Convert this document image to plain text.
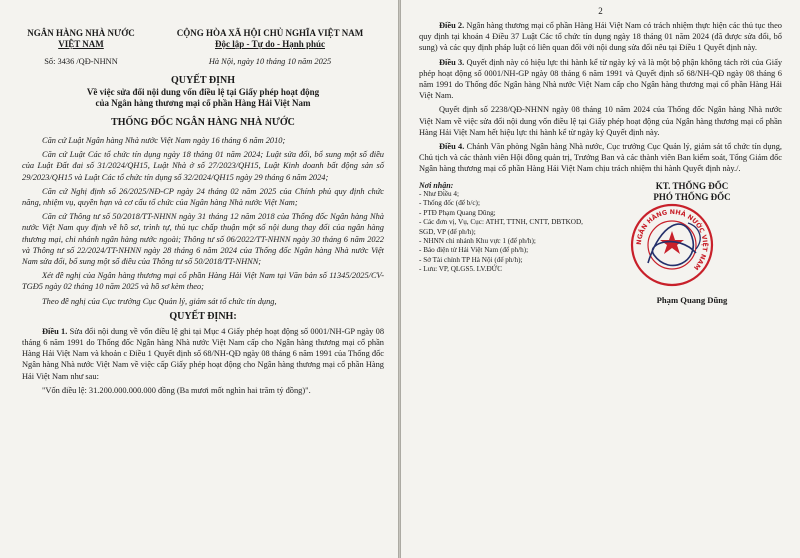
NGÂN HÀNG NHÀ NƯỚC
VIỆT NAM
Số: 3436 /QĐ-NHNN
CỘNG HÒA XÃ HỘI CHỦ NGHĨA VIỆT NAM
Độc lập - Tự do - Hạnh phúc
Hà Nội, ngày 10 tháng 10 năm 2025
QUYẾT ĐỊNH
Về việc sửa đổi nội dung vốn điều lệ tại Giấy phép hoạt động
của Ngân hàng thương mại cổ phần Hàng Hải Việt Nam
THỐNG ĐỐC NGÂN HÀNG NHÀ NƯỚC

Căn cứ Luật Ngân hàng Nhà nước Việt Nam ngày 16 tháng 6 năm 2010;

Căn cứ Luật Các tổ chức tín dụng ngày 18 tháng 01 năm 2024; Luật sửa đổi, bổ sung một số điều của Luật Đất đai số 31/2024/QH15, Luật Nhà ở số 27/2023/QH15, Luật Kinh doanh bất động sản số 29/2023/QH15 và Luật Các tổ chức tín dụng số 32/2024/QH15 ngày 29 tháng 6 năm 2024;

Căn cứ Nghị định số 26/2025/NĐ-CP ngày 24 tháng 02 năm 2025 của Chính phủ quy định chức năng, nhiệm vụ, quyền hạn và cơ cấu tổ chức của Ngân hàng Nhà nước Việt Nam;

Căn cứ Thông tư số 50/2018/TT-NHNN ngày 31 tháng 12 năm 2018 của Thống đốc Ngân hàng Nhà nước Việt Nam quy định về hồ sơ, trình tự, thủ tục chấp thuận một số nội dung thay đổi của ngân hàng thương mại, chi nhánh ngân hàng nước ngoài; Thông tư số 06/2022/TT-NHNN ngày 30 tháng 6 năm 2022 và Thông tư số 22/2024/TT-NHNN ngày 28 tháng 6 năm 2024 của Thống đốc Ngân hàng Nhà nước Việt Nam sửa đổi, bổ sung một số điều của Thông tư số 50/2018/TT-NHNN;

Xét đề nghị của Ngân hàng thương mại cổ phần Hàng Hải Việt Nam tại Văn bản số 11345/2025/CV-TGĐ5 ngày 02 tháng 10 năm 2025 và hồ sơ kèm theo;

Theo đề nghị của Cục trưởng Cục Quản lý, giám sát tổ chức tín dụng,

QUYẾT ĐỊNH:

Điều 1. Sửa đổi nội dung về vốn điều lệ ghi tại Mục 4 Giấy phép hoạt động số 0001/NH-GP ngày 08 tháng 6 năm 1991 do Thống đốc Ngân hàng Nhà nước Việt Nam cấp cho Ngân hàng thương mại cổ phần Hàng Hải Việt Nam và khoản c Điều 1 Quyết định số 68/NH-QĐ ngày 08 tháng 6 năm 1991 của Thống đốc Ngân hàng Nhà nước Việt Nam về việc cấp Giấy phép hoạt động cho Ngân hàng thương mại cổ phần Hàng Hải Việt Nam như sau:

"Vốn điều lệ: 31.200.000.000.000 đồng (Ba mươi mốt nghìn hai trăm tỷ đồng)".

2

Điều 2. Ngân hàng thương mại cổ phần Hàng Hải Việt Nam có trách nhiệm thực hiện các thủ tục theo quy định tại khoản 4 Điều 37 Luật Các tổ chức tín dụng ngày 18 tháng 01 năm 2024 (đã được sửa đổi, bổ sung) và các quy định pháp luật có liên quan đối với nội dung sửa đổi nêu tại Điều 1 Quyết định này.

Điều 3. Quyết định này có hiệu lực thi hành kể từ ngày ký và là một bộ phận không tách rời của Giấy phép hoạt động số 0001/NH-GP ngày 08 tháng 6 năm 1991 và Quyết định số 68/NH-QĐ ngày 08 tháng 6 năm 1991 do Thống đốc Ngân hàng Nhà nước Việt Nam cấp cho Ngân hàng thương mại cổ phần Hàng Hải Việt Nam.

Quyết định số 2238/QĐ-NHNN ngày 08 tháng 10 năm 2024 của Thống đốc Ngân hàng Nhà nước Việt Nam về việc sửa đổi nội dung vốn điều lệ tại Giấy phép hoạt động của Ngân hàng thương mại cổ phần Hàng Hải Việt Nam hết hiệu lực thi hành kể từ ngày ký Quyết định này.

Điều 4. Chánh Văn phòng Ngân hàng Nhà nước, Cục trưởng Cục Quản lý, giám sát tổ chức tín dụng, Chủ tịch và các thành viên Hội đồng quản trị, Trưởng Ban và các thành viên Ban kiểm soát, Tổng Giám đốc Ngân hàng thương mại cổ phần Hàng Hải Việt Nam chịu trách nhiệm thi hành Quyết định này./.

Nơi nhận:
- Như Điều 4;
- Thống đốc (để b/c);
- PTĐ Phạm Quang Dũng;
- Các đơn vị, Vụ, Cục: ATHT, TTNH, CNTT, DBTKOD, SGD, VP (để ph/h);
- NHNN chi nhánh Khu vực 1 (để ph/h);
- Báo điện tử Hải Việt Nam (để ph/h);
- Sở Tài chính TP Hà Nội (để ph/h);
- Lưu: VP, QLGS5. LV.ĐỨC
KT. THỐNG ĐỐC
PHÓ THỐNG ĐỐC
NGÂN HÀNG NHÀ NƯỚC VIỆT NAM
Phạm Quang Dũng
